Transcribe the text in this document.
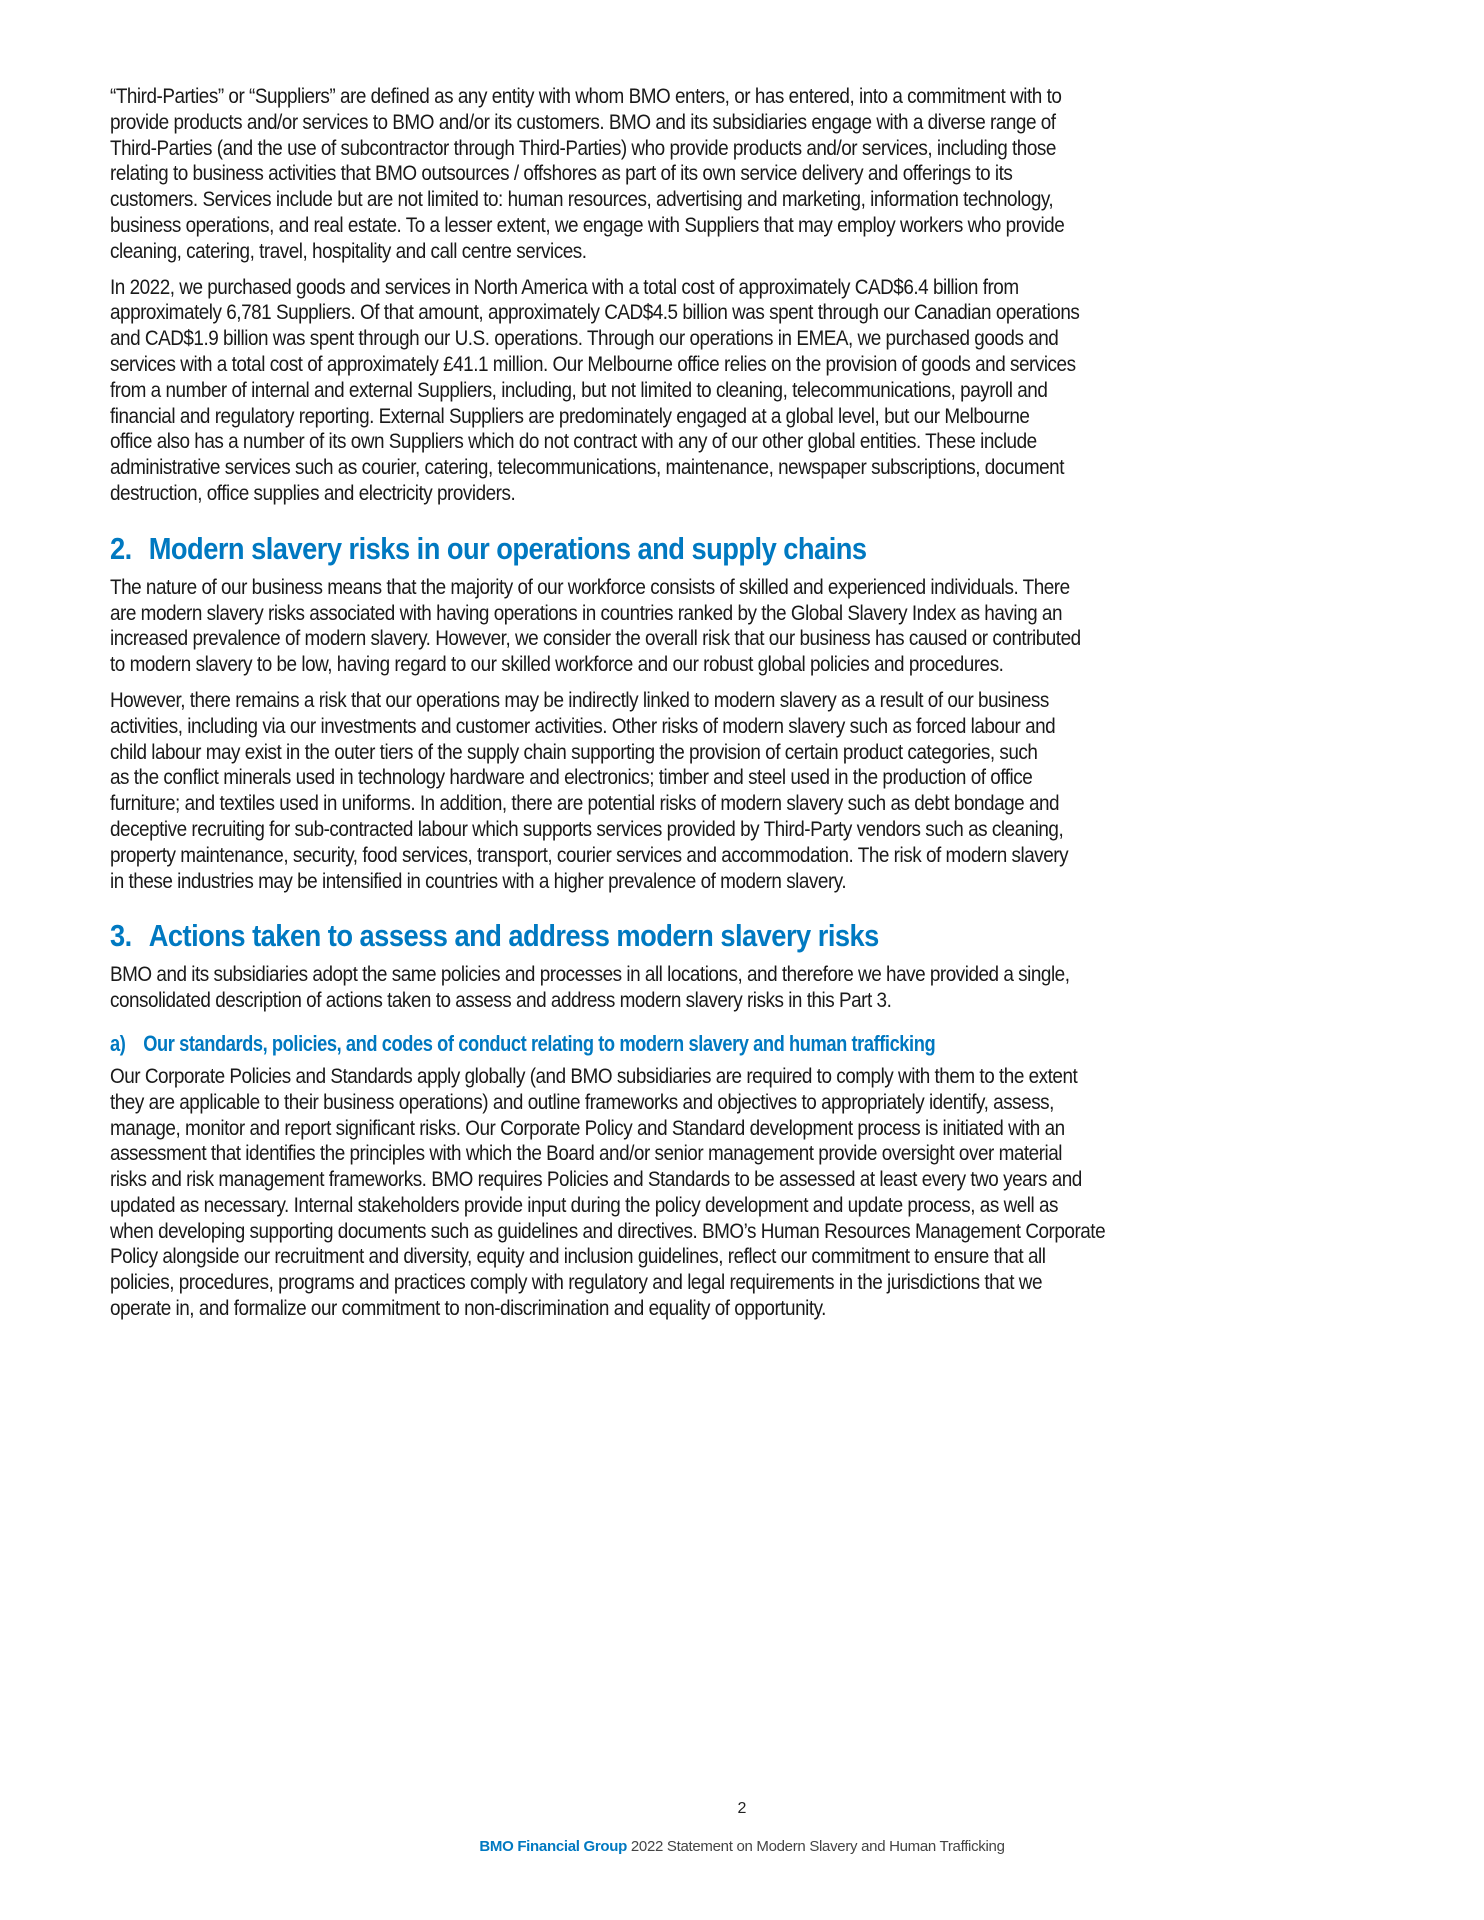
“Third-Parties” or “Suppliers” are defined as any entity with whom BMO enters, or has entered, into a commitment with to
provide products and/or services to BMO and/or its customers. BMO and its subsidiaries engage with a diverse range of
Third-Parties (and the use of subcontractor through Third-Parties) who provide products and/or services, including those
relating to business activities that BMO outsources / offshores as part of its own service delivery and offerings to its
customers. Services include but are not limited to: human resources, advertising and marketing, information technology,
business operations, and real estate. To a lesser extent, we engage with Suppliers that may employ workers who provide
cleaning, catering, travel, hospitality and call centre services.
In 2022, we purchased goods and services in North America with a total cost of approximately CAD$6.4 billion from
approximately 6,781 Suppliers. Of that amount, approximately CAD$4.5 billion was spent through our Canadian operations
and CAD$1.9 billion was spent through our U.S. operations. Through our operations in EMEA, we purchased goods and
services with a total cost of approximately £41.1 million. Our Melbourne office relies on the provision of goods and services
from a number of internal and external Suppliers, including, but not limited to cleaning, telecommunications, payroll and
financial and regulatory reporting. External Suppliers are predominately engaged at a global level, but our Melbourne
office also has a number of its own Suppliers which do not contract with any of our other global entities. These include
administrative services such as courier, catering, telecommunications, maintenance, newspaper subscriptions, document
destruction, office supplies and electricity providers.
2. Modern slavery risks in our operations and supply chains
The nature of our business means that the majority of our workforce consists of skilled and experienced individuals. There
are modern slavery risks associated with having operations in countries ranked by the Global Slavery Index as having an
increased prevalence of modern slavery. However, we consider the overall risk that our business has caused or contributed
to modern slavery to be low, having regard to our skilled workforce and our robust global policies and procedures.
However, there remains a risk that our operations may be indirectly linked to modern slavery as a result of our business
activities, including via our investments and customer activities. Other risks of modern slavery such as forced labour and
child labour may exist in the outer tiers of the supply chain supporting the provision of certain product categories, such
as the conflict minerals used in technology hardware and electronics; timber and steel used in the production of office
furniture; and textiles used in uniforms. In addition, there are potential risks of modern slavery such as debt bondage and
deceptive recruiting for sub-contracted labour which supports services provided by Third-Party vendors such as cleaning,
property maintenance, security, food services, transport, courier services and accommodation. The risk of modern slavery
in these industries may be intensified in countries with a higher prevalence of modern slavery.
3. Actions taken to assess and address modern slavery risks
BMO and its subsidiaries adopt the same policies and processes in all locations, and therefore we have provided a single,
consolidated description of actions taken to assess and address modern slavery risks in this Part 3.
a) Our standards, policies, and codes of conduct relating to modern slavery and human trafficking
Our Corporate Policies and Standards apply globally (and BMO subsidiaries are required to comply with them to the extent
they are applicable to their business operations) and outline frameworks and objectives to appropriately identify, assess,
manage, monitor and report significant risks. Our Corporate Policy and Standard development process is initiated with an
assessment that identifies the principles with which the Board and/or senior management provide oversight over material
risks and risk management frameworks. BMO requires Policies and Standards to be assessed at least every two years and
updated as necessary. Internal stakeholders provide input during the policy development and update process, as well as
when developing supporting documents such as guidelines and directives. BMO’s Human Resources Management Corporate
Policy alongside our recruitment and diversity, equity and inclusion guidelines, reflect our commitment to ensure that all
policies, procedures, programs and practices comply with regulatory and legal requirements in the jurisdictions that we
operate in, and formalize our commitment to non-discrimination and equality of opportunity.
2
BMO Financial Group 2022 Statement on Modern Slavery and Human Trafficking
